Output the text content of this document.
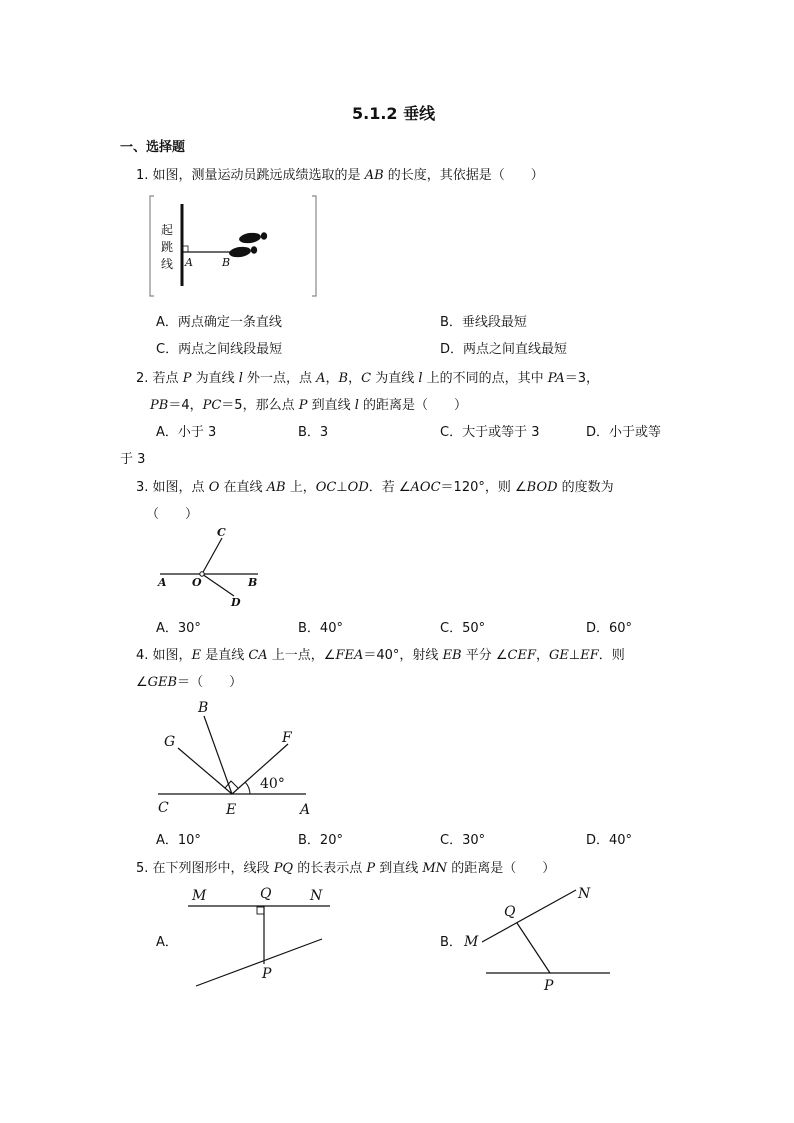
5.1.2 垂线
一、选择题
1. 如图，测量运动员跳远成绩选取的是 AB 的长度，其依据是（　　）
起
跳
线 A	B
A．两点确定一条直线	B．垂线段最短
C．两点之间线段最短	D．两点之间直线最短
2. 若点 P 为直线 l 外一点，点 A，B，C 为直线 l 上的不同的点，其中 PA＝3，
PB＝4，PC＝5，那么点 P 到直线 l 的距离是（　　）
A．小于 3	B．3	C．大于或等于 3	D．小于或等
于 3
3. 如图，点 O 在直线 AB 上，OC⊥OD．若 ∠AOC＝120°，则 ∠BOD 的度数为
（　　）
A O	B
C
D
A．30°	B．40°	C．50°	D．60°
4. 如图，E 是直线 CA 上一点，∠FEA＝40°，射线 EB 平分 ∠CEF，GE⊥EF．则
∠GEB＝（　　）
B
G	F
40°
C	E	A
A．10°	B．20°	C．30°	D．40°
5. 在下列图形中，线段 PQ 的长表示点 P 到直线 MN 的距离是（　　）
A．
M	Q	N
P
B．
Q
N
M
P
